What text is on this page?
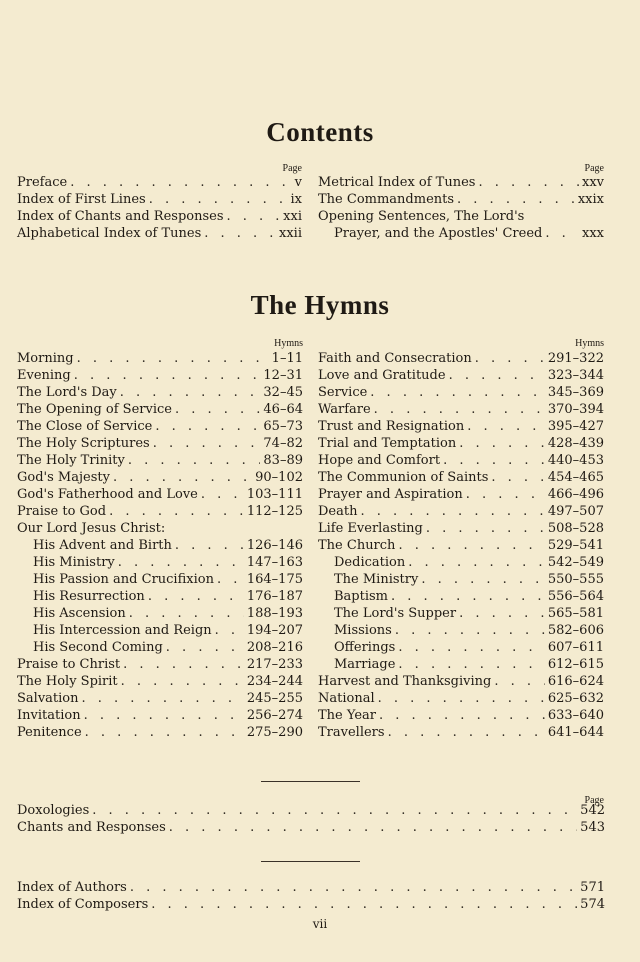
Contents
Page	Page
Preface . . .	v
Index of First Lines . . .	ix
Index of Chants and Responses . . .	xxi
Alphabetical Index of Tunes . . .	xxii
Metrical Index of Tunes . . .	xxv
The Commandments . . .	xxix
Opening Sentences, The Lord's
Prayer, and the Apostles' Creed . . .	xxx
The Hymns
Hymns	Hymns
Morning . . .	1–11
Evening . . .	12–31
The Lord's Day . . .	32–45
The Opening of Service . . .	46–64
The Close of Service . . .	65–73
The Holy Scriptures . . .	74–82
The Holy Trinity . . .	83–89
God's Majesty . . .	90–102
God's Fatherhood and Love . . .	103–111
Praise to God . . .	112–125
Our Lord Jesus Christ:
His Advent and Birth . . .	126–146
His Ministry . . .	147–163
His Passion and Crucifixion . . .	164–175
His Resurrection . . .	176–187
His Ascension . . .	188–193
His Intercession and Reign . . .	194–207
His Second Coming . . .	208–216
Praise to Christ . . .	217–233
The Holy Spirit . . .	234–244
Salvation . . .	245–255
Invitation . . .	256–274
Penitence . . .	275–290
Faith and Consecration . . .	291–322
Love and Gratitude . . .	323–344
Service . . .	345–369
Warfare . . .	370–394
Trust and Resignation . . .	395–427
Trial and Temptation . . .	428–439
Hope and Comfort . . .	440–453
The Communion of Saints . . .	454–465
Prayer and Aspiration . . .	466–496
Death . . .	497–507
Life Everlasting . . .	508–528
The Church . . .	529–541
Dedication . . .	542–549
The Ministry . . .	550–555
Baptism . . .	556–564
The Lord's Supper . . .	565–581
Missions . . .	582–606
Offerings . . .	607–611
Marriage . . .	612–615
Harvest and Thanksgiving . . .	616–624
National . . .	625–632
The Year . . .	633–640
Travellers . . .	641–644
Page
Doxologies . . .	542
Chants and Responses . . .	543
Index of Authors . . .	571
Index of Composers . . .	574
vii
